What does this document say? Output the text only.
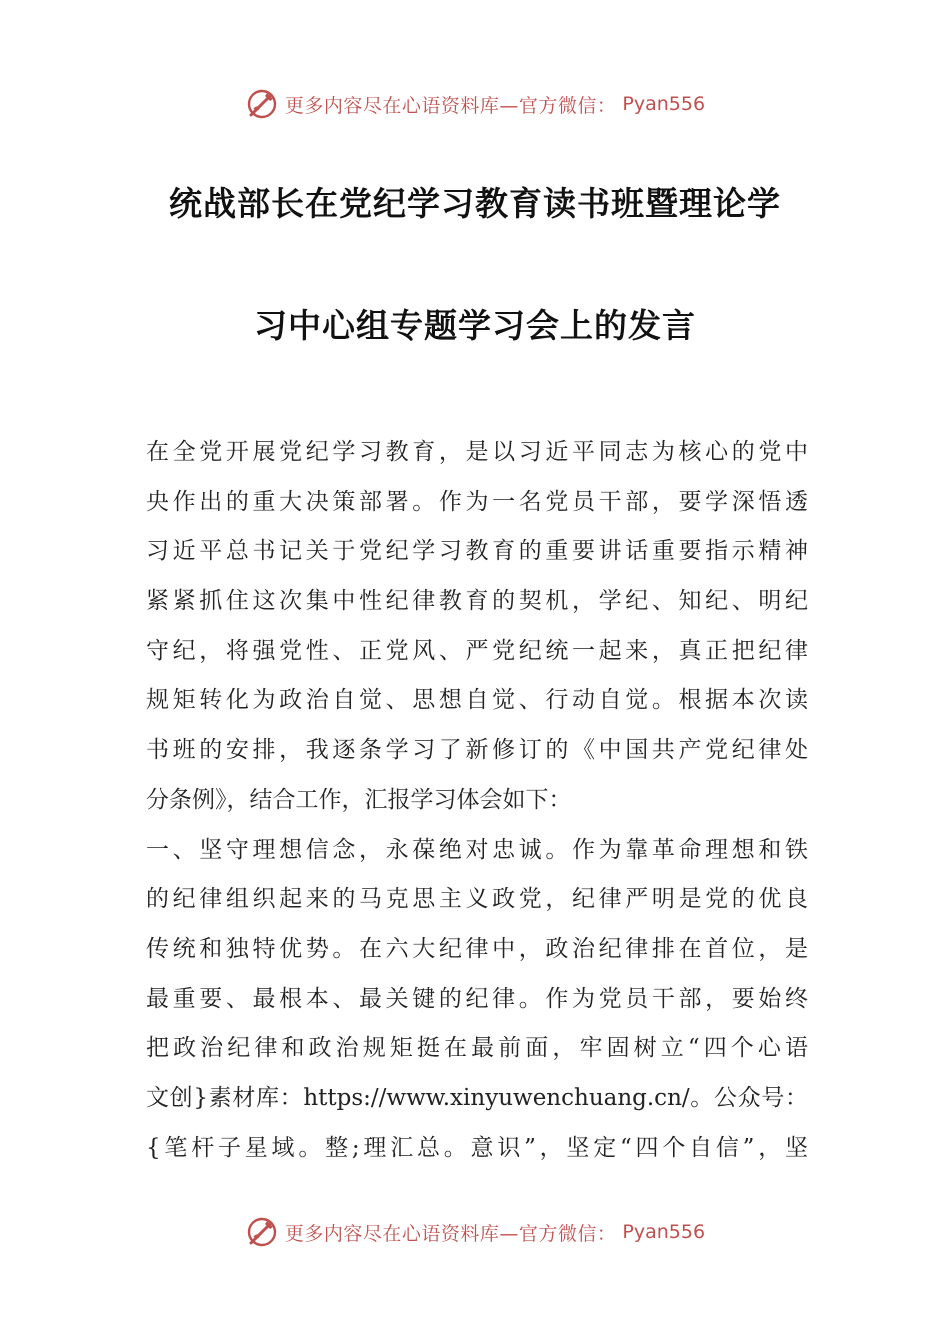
更多内容尽在心语资料库—官方微信： Pyan556
统战部长在党纪学习教育读书班暨理论学
习中心组专题学习会上的发言
在全党开展党纪学习教育，是以习近平同志为核心的党中
央作出的重大决策部署。作为一名党员干部，要学深悟透
习近平总书记关于党纪学习教育的重要讲话重要指示精神
紧紧抓住这次集中性纪律教育的契机，学纪、知纪、明纪
守纪，将强党性、正党风、严党纪统一起来，真正把纪律
规矩转化为政治自觉、思想自觉、行动自觉。根据本次读
书班的安排，我逐条学习了新修订的《中国共产党纪律处
分条例》，结合工作，汇报学习体会如下：
一、坚守理想信念，永葆绝对忠诚。作为靠革命理想和铁
的纪律组织起来的马克思主义政党，纪律严明是党的优良
传统和独特优势。在六大纪律中，政治纪律排在首位，是
最重要、最根本、最关键的纪律。作为党员干部，要始终
把政治纪律和政治规矩挺在最前面，牢固树立“四个心语
文创}素材库：https://www.xinyuwenchuang.cn/。公众号：
{笔杆子星域。整;理汇总。意识”，坚定“四个自信”，坚
更多内容尽在心语资料库—官方微信： Pyan556
